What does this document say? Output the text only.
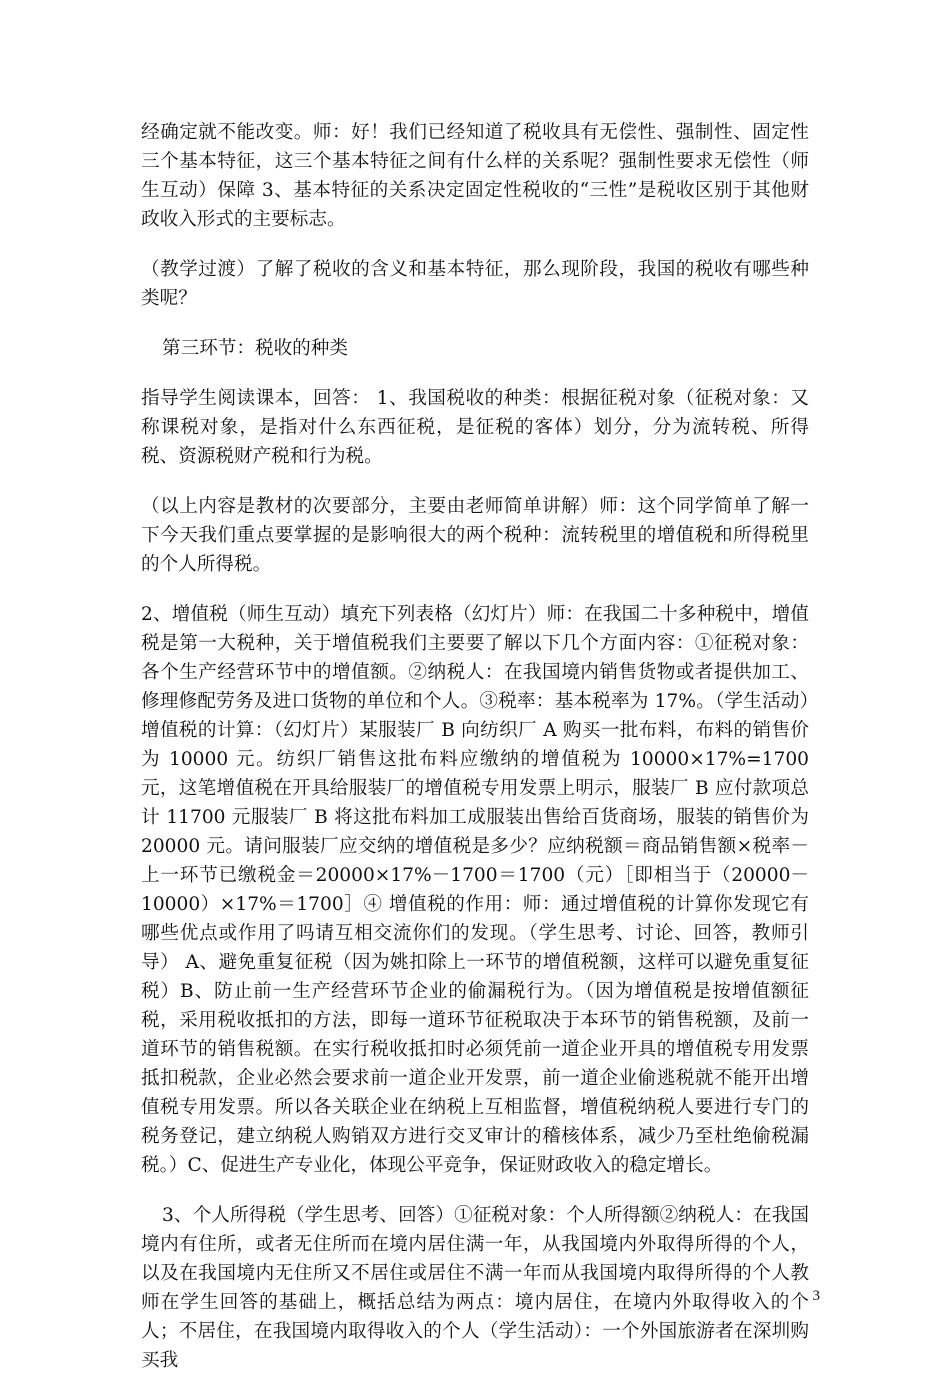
经确定就不能改变。师：好！我们已经知道了税收具有无偿性、强制性、固定性三个基本特征，这三个基本特征之间有什么样的关系呢？强制性要求无偿性（师生互动）保障 3、基本特征的关系决定固定性税收的“三性”是税收区别于其他财政收入形式的主要标志。

（教学过渡）了解了税收的含义和基本特征，那么现阶段，我国的税收有哪些种类呢？

第三环节：税收的种类

指导学生阅读课本，回答： 1、我国税收的种类：根据征税对象（征税对象：又称课税对象，是指对什么东西征税，是征税的客体）划分，分为流转税、所得税、资源税财产税和行为税。

（以上内容是教材的次要部分，主要由老师简单讲解）师：这个同学简单了解一下今天我们重点要掌握的是影响很大的两个税种：流转税里的增值税和所得税里的个人所得税。

2、增值税（师生互动）填充下列表格（幻灯片）师：在我国二十多种税中，增值税是第一大税种，关于增值税我们主要要了解以下几个方面内容：①征税对象：各个生产经营环节中的增值额。②纳税人：在我国境内销售货物或者提供加工、修理修配劳务及进口货物的单位和个人。③税率：基本税率为 17%。（学生活动）增值税的计算：（幻灯片）某服装厂 B 向纺织厂 A 购买一批布料，布料的销售价为 10000 元。纺织厂销售这批布料应缴纳的增值税为 10000×17%=1700 元，这笔增值税在开具给服装厂的增值税专用发票上明示，服装厂 B 应付款项总计 11700 元服装厂 B 将这批布料加工成服装出售给百货商场，服装的销售价为 20000 元。请问服装厂应交纳的增值税是多少？应纳税额＝商品销售额×税率－上一环节已缴税金＝20000×17%－1700＝1700（元）［即相当于（20000－10000）×17%＝1700］④ 增值税的作用：师：通过增值税的计算你发现它有哪些优点或作用了吗请互相交流你们的发现。（学生思考、讨论、回答，教师引导） A、避免重复征税（因为姚扣除上一环节的增值税额，这样可以避免重复征税）B、防止前一生产经营环节企业的偷漏税行为。（因为增值税是按增值额征税，采用税收抵扣的方法，即每一道环节征税取决于本环节的销售税额，及前一道环节的销售税额。在实行税收抵扣时必须凭前一道企业开具的增值税专用发票抵扣税款，企业必然会要求前一道企业开发票，前一道企业偷逃税就不能开出增值税专用发票。所以各关联企业在纳税上互相监督，增值税纳税人要进行专门的税务登记，建立纳税人购销双方进行交叉审计的稽核体系，减少乃至杜绝偷税漏税。）C、促进生产专业化，体现公平竞争，保证财政收入的稳定增长。

3、个人所得税（学生思考、回答）①征税对象：个人所得额②纳税人：在我国境内有住所，或者无住所而在境内居住满一年，从我国境内外取得所得的个人，以及在我国境内无住所又不居住或居住不满一年而从我国境内取得所得的个人教师在学生回答的基础上，概括总结为两点：境内居住，在境内外取得收入的个人；不居住，在我国境内取得收入的个人（学生活动）：一个外国旅游者在深圳购买我

3
